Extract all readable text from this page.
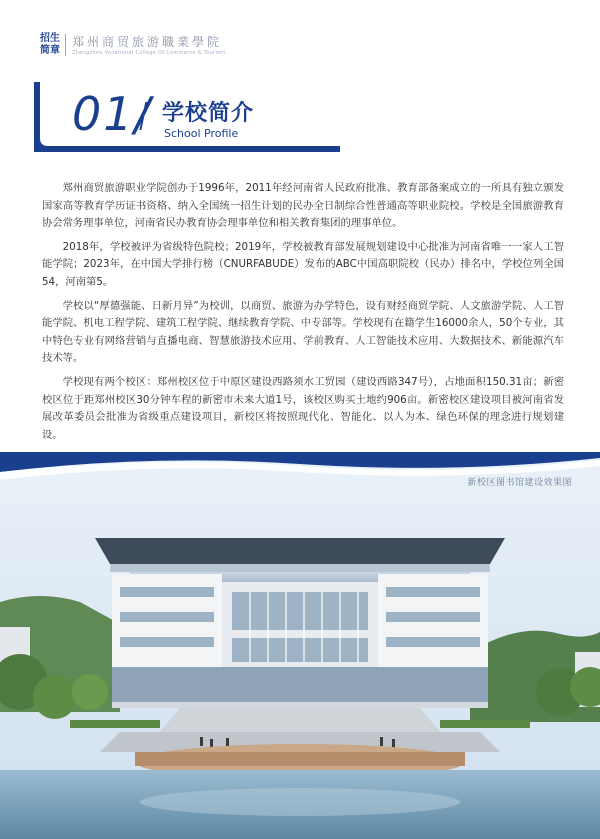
招生
简章
郑州商贸旅游職業學院
Zhengzhou Vocational College Of Commerce & Tourism
01/ 学校简介
School Profile

郑州商贸旅游职业学院创办于1996年，2011年经河南省人民政府批准、教育部备案成立的一所具有独立颁发国家高等教育学历证书资格、纳入全国统一招生计划的民办全日制综合性普通高等职业院校。学校是全国旅游教育协会常务理事单位，河南省民办教育协会理事单位和相关教育集团的理事单位。

2018年，学校被评为省级特色院校；2019年，学校被教育部发展规划建设中心批准为河南省唯一一家人工智能学院；2023年，在中国大学排行榜（CNURFABUDE）发布的ABC中国高职院校（民办）排名中，学校位列全国54，河南第5。

学校以“厚德强能、日新月异”为校训，以商贸、旅游为办学特色，设有财经商贸学院、人文旅游学院、人工智能学院、机电工程学院、建筑工程学院、继续教育学院、中专部等。学校现有在籍学生16000余人，50个专业，其中特色专业有网络营销与直播电商、智慧旅游技术应用、学前教育、人工智能技术应用、大数据技术、新能源汽车技术等。

学校现有两个校区：郑州校区位于中原区建设西路须水工贸园（建设西路347号），占地面积150.31亩；新密校区位于距郑州校区30分钟车程的新密市未来大道1号，该校区购买土地约906亩。新密校区建设项目被河南省发展改革委员会批准为省级重点建设项目，新校区将按照现代化、智能化、以人为本、绿色环保的理念进行规划建设。

新校区图书馆建设效果图
